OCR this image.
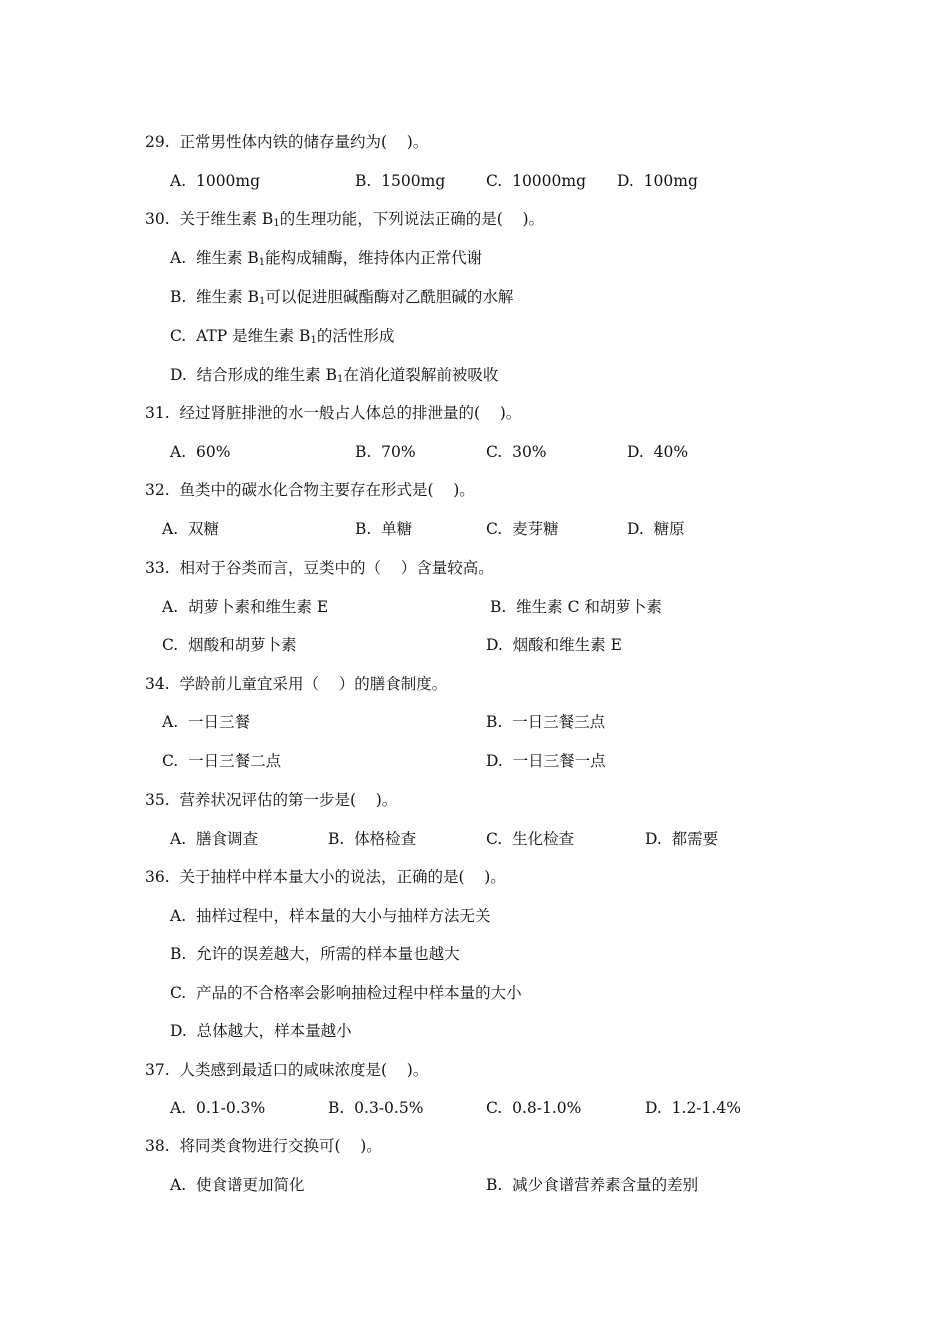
29.  正常男性体内铁的储存量约为(    )。
A.  1000mg	B.  1500mg	C.  10000mg D.  100mg
30.  关于维生素 $B_1$的生理功能，下列说法正确的是(    )。
A.  维生素 $B_1$能构成辅酶，维持体内正常代谢
B.  维生素 $B_1$可以促进胆碱酯酶对乙酰胆碱的水解
C.  ATP 是维生素 $B_1$的活性形成
D.  结合形成的维生素 $B_1$在消化道裂解前被吸收
31.  经过肾脏排泄的水一般占人体总的排泄量的(    )。
A.  60%	B.  70%	C.  30%	D.  40%
32.  鱼类中的碳水化合物主要存在形式是(    )。
A.  双糖	B.  单糖	C.  麦芽糖	D.  糖原
33.  相对于谷类而言，豆类中的（    ）含量较高。
A.  胡萝卜素和维生素 E	B.  维生素 C 和胡萝卜素
C.  烟酸和胡萝卜素	D.  烟酸和维生素 E
34.  学龄前儿童宜采用（    ）的膳食制度。
A.  一日三餐	B.  一日三餐三点
C.  一日三餐二点	D.  一日三餐一点
35.  营养状况评估的第一步是(    )。
A.  膳食调查	B.  体格检查	C.  生化检查	D.  都需要
36.  关于抽样中样本量大小的说法，正确的是(    )。
A.  抽样过程中，样本量的大小与抽样方法无关
B.  允许的误差越大，所需的样本量也越大
C.  产品的不合格率会影响抽检过程中样本量的大小
D.  总体越大，样本量越小
37.  人类感到最适口的咸味浓度是(    )。
A.  0.1-0.3%	B.  0.3-0.5%	C.  0.8-1.0%	D.  1.2-1.4%
38.  将同类食物进行交换可(    )。
A.  使食谱更加简化	B.  减少食谱营养素含量的差别
